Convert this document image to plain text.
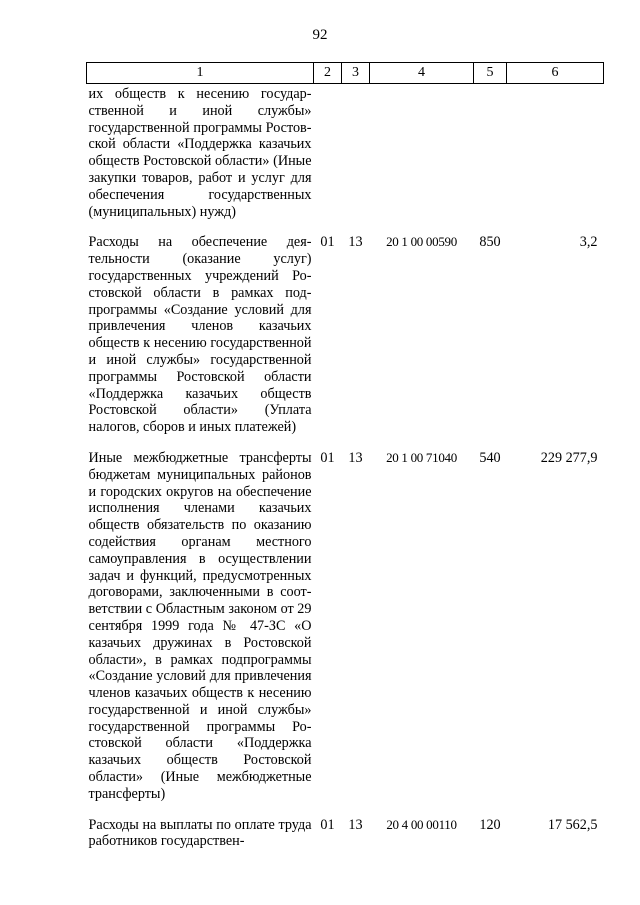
92
1	2	3	4	5	6
их обществ к несению государственной и иной службы» государственной программы Ростовской области «Поддержка казачьих обществ Ростовской области» (Иные закупки товаров, работ и услуг для обеспечения государственных (муниципальных) нужд)					
Расходы на обеспечение деятельности (оказание услуг) государственных учреждений Ростовской области в рамках подпрограммы «Создание условий для привлечения членов казачьих обществ к несению государственной и иной службы» государственной программы Ростовской области «Поддержка казачьих обществ Ростовской области» (Уплата налогов, сборов и иных платежей)	01	13	20 1 00 00590	850	3,2
Иные межбюджетные трансферты бюджетам муниципальных районов и городских округов на обеспечение исполнения членами казачьих обществ обязательств по оказанию содействия органам местного самоуправления в осуществлении задач и функций, предусмотренных договорами, заключенными в соответствии с Областным законом от 29 сентября 1999 года № 47-ЗС «О казачьих дружинах в Ростовской области», в рамках подпрограммы «Создание условий для привлечения членов казачьих обществ к несению государственной и иной службы» государственной программы Ростовской области «Поддержка казачьих обществ Ростовской области» (Иные межбюджетные трансферты)	01	13	20 1 00 71040	540	229 277,9
Расходы на выплаты по оплате труда работников государствен-	01	13	20 4 00 00110	120	17 562,5
